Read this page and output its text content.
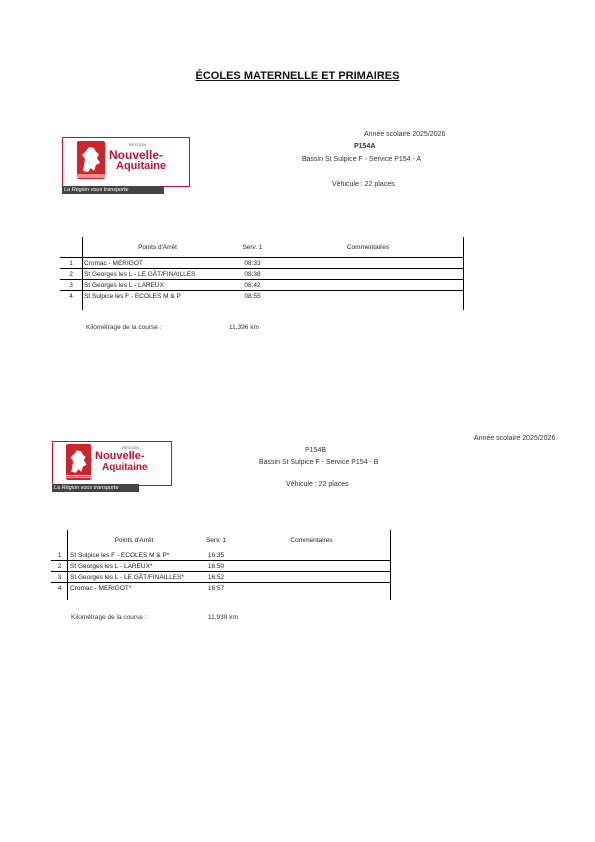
ÉCOLES MATERNELLE ET PRIMAIRES
RÉGION
Nouvelle-
Aquitaine
La Région vous transporte
Année scolaire 2025/2026
P154A
Bassin St Sulpice F - Service P154 - A
Véhicule : 22 places
	Points d'Arrêt	Serv. 1	Commentaires
1	Cromac - MERIGOT	08:33	
2	St Georges les L - LE GÂT/FINAILLES	08:38	
3	St Georges les L - LAREUX	08:42	
4	St Sulpice les F - ECOLES M & P	08:55	
Kilométrage de la course :	11,396 km
RÉGION
Nouvelle-
Aquitaine
La Région vous transporte
Année scolaire 2025/2026
P154B
Bassin St Sulpice F - Service P154 - B
Véhicule : 22 places
	Points d'Arrêt	Serv. 1	Commentaires
1	St Sulpice les F - ECOLES M & P*	16:35	
2	St Georges les L - LAREUX*	16:50	
3	St Georges les L - LE GÂT/FINAILLES*	16:52	
4	Cromac - MERIGOT*	16:57	
Kilométrage de la course :	11,939 km
